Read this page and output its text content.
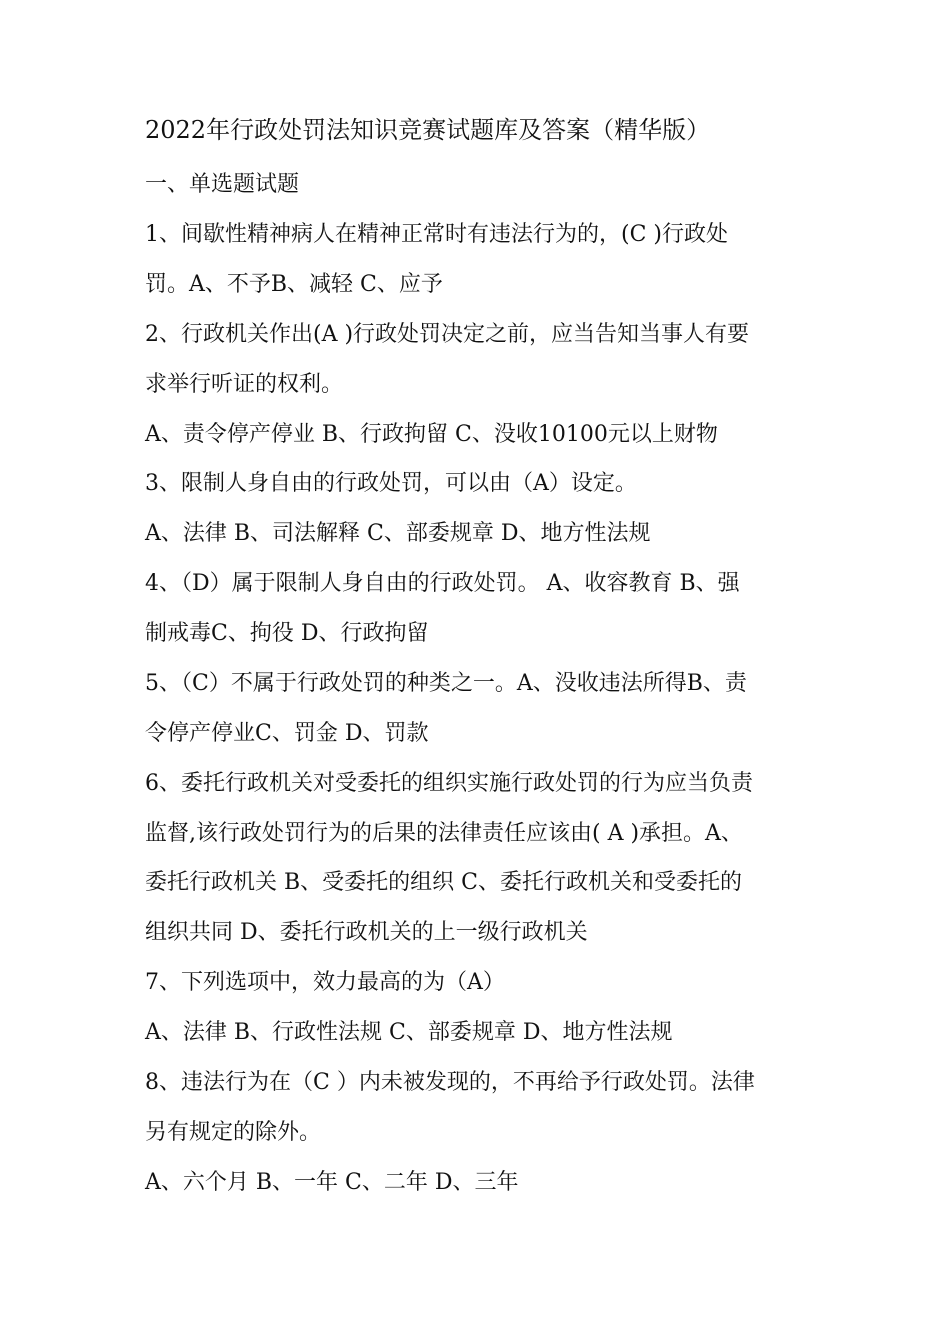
2022年行政处罚法知识竞赛试题库及答案（精华版）
一、单选题试题
1、间歇性精神病人在精神正常时有违法行为的，(C )行政处
罚。A、不予B、减轻 C、应予
2、行政机关作出(A )行政处罚决定之前，应当告知当事人有要
求举行听证的权利。
A、责令停产停业 B、行政拘留 C、没收10100元以上财物
3、限制人身自由的行政处罚，可以由（A）设定。
A、法律 B、司法解释 C、部委规章 D、地方性法规
4、（D）属于限制人身自由的行政处罚。 A、收容教育 B、强
制戒毒C、拘役 D、行政拘留
5、（C）不属于行政处罚的种类之一。A、没收违法所得B、责
令停产停业C、罚金 D、罚款
6、委托行政机关对受委托的组织实施行政处罚的行为应当负责
监督,该行政处罚行为的后果的法律责任应该由( A )承担。A、
委托行政机关 B、受委托的组织 C、委托行政机关和受委托的
组织共同 D、委托行政机关的上一级行政机关
7、下列选项中，效力最高的为（A）
A、法律 B、行政性法规 C、部委规章 D、地方性法规
8、违法行为在（C ）内未被发现的，不再给予行政处罚。法律
另有规定的除外。
A、六个月 B、一年 C、二年 D、三年
